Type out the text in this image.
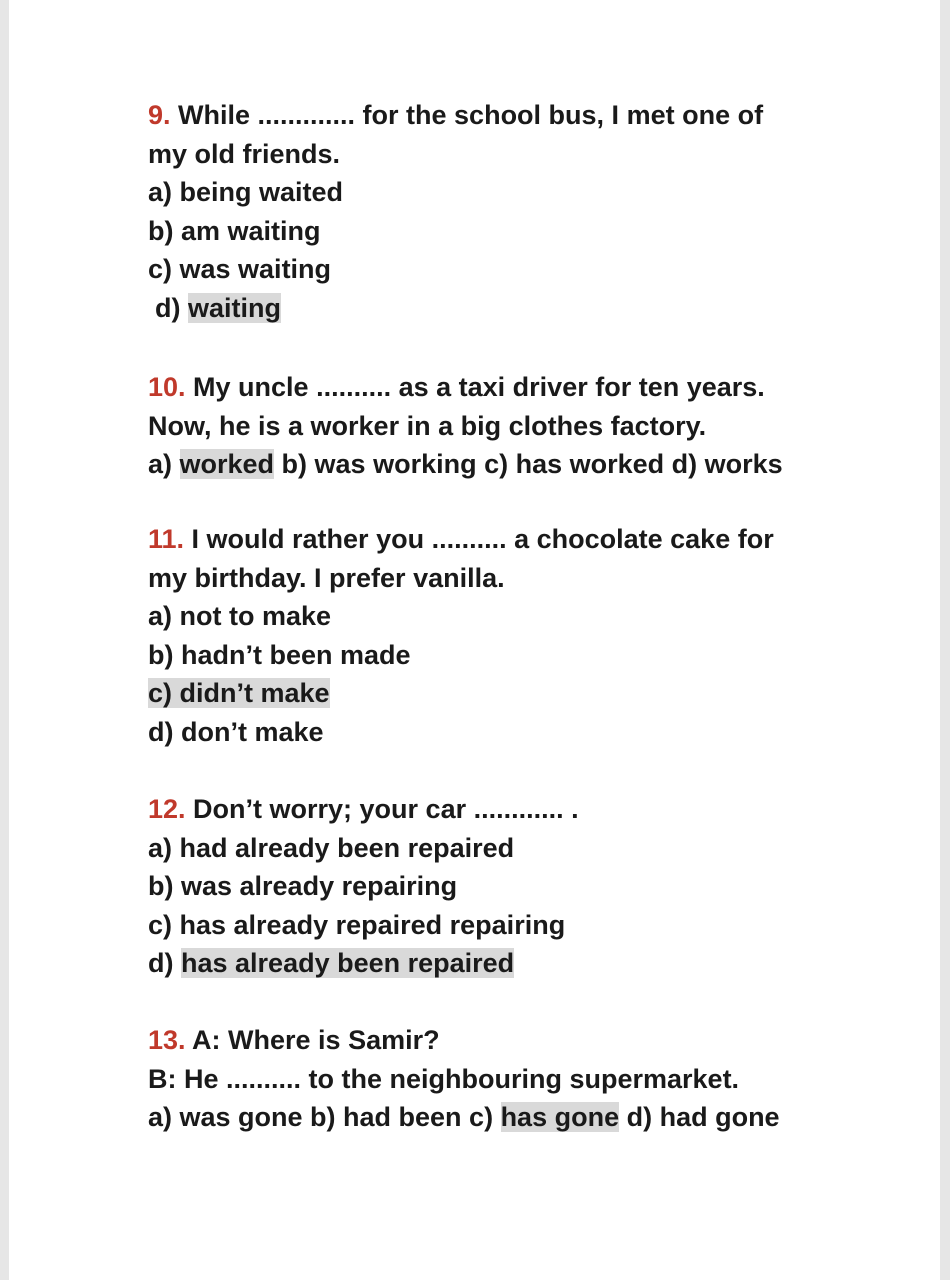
9. While ............. for the school bus, I met one of
my old friends.
a) being waited
b) am waiting
c) was waiting
d) waiting
10. My uncle .......... as a taxi driver for ten years.
Now, he is a worker in a big clothes factory.
a) worked b) was working c) has worked d) works
11. I would rather you .......... a chocolate cake for
my birthday. I prefer vanilla.
a) not to make
b) hadn’t been made
c) didn’t make
d) don’t make
12. Don’t worry; your car ............ .
a) had already been repaired
b) was already repairing
c) has already repaired repairing
d) has already been repaired
13. A: Where is Samir?
B: He .......... to the neighbouring supermarket.
a) was gone b) had been c) has gone d) had gone
